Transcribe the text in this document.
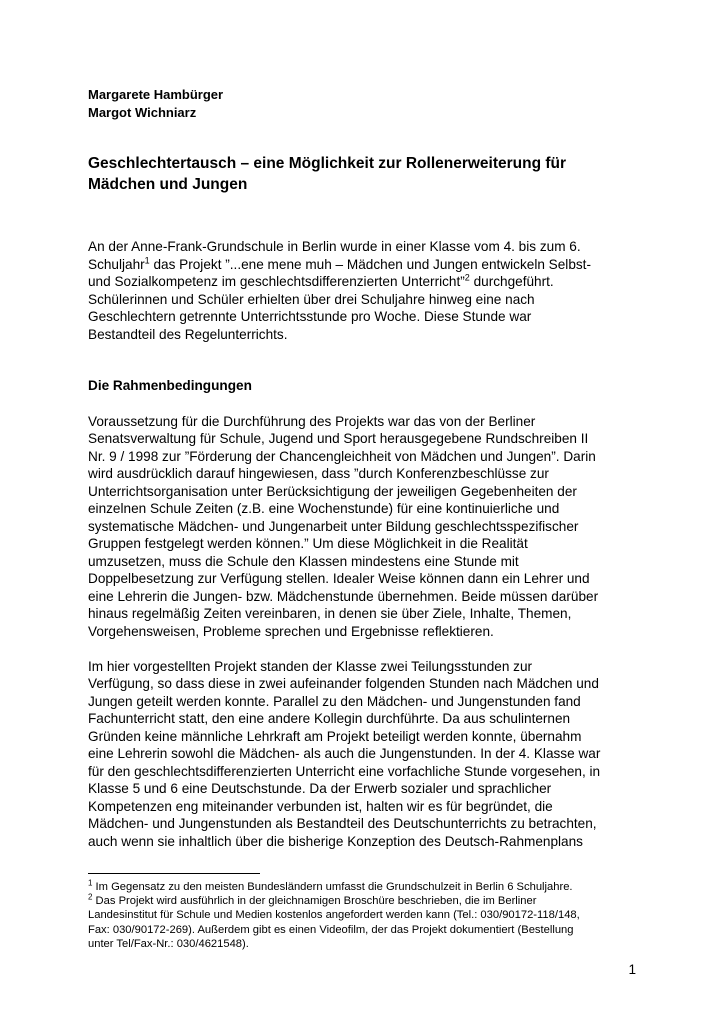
Margarete Hambürger
Margot Wichniarz
Geschlechtertausch – eine Möglichkeit zur Rollenerweiterung für
Mädchen und Jungen
An der Anne-Frank-Grundschule in Berlin wurde in einer Klasse vom 4. bis zum 6.
Schuljahr$^1$ das Projekt ”...ene mene muh – Mädchen und Jungen entwickeln Selbst-
und Sozialkompetenz im geschlechtsdifferenzierten Unterricht”$^2$ durchgeführt.
Schülerinnen und Schüler erhielten über drei Schuljahre hinweg eine nach
Geschlechtern getrennte Unterrichtsstunde pro Woche. Diese Stunde war
Bestandteil des Regelunterrichts.
Die Rahmenbedingungen
Voraussetzung für die Durchführung des Projekts war das von der Berliner
Senatsverwaltung für Schule, Jugend und Sport herausgegebene Rundschreiben II
Nr. 9 / 1998 zur ”Förderung der Chancengleichheit von Mädchen und Jungen”. Darin
wird ausdrücklich darauf hingewiesen, dass ”durch Konferenzbeschlüsse zur
Unterrichtsorganisation unter Berücksichtigung der jeweiligen Gegebenheiten der
einzelnen Schule Zeiten (z.B. eine Wochenstunde) für eine kontinuierliche und
systematische Mädchen- und Jungenarbeit unter Bildung geschlechtsspezifischer
Gruppen festgelegt werden können.” Um diese Möglichkeit in die Realität
umzusetzen, muss die Schule den Klassen mindestens eine Stunde mit
Doppelbesetzung zur Verfügung stellen. Idealer Weise können dann ein Lehrer und
eine Lehrerin die Jungen- bzw. Mädchenstunde übernehmen. Beide müssen darüber
hinaus regelmäßig Zeiten vereinbaren, in denen sie über Ziele, Inhalte, Themen,
Vorgehensweisen, Probleme sprechen und Ergebnisse reflektieren.
Im hier vorgestellten Projekt standen der Klasse zwei Teilungsstunden zur
Verfügung, so dass diese in zwei aufeinander folgenden Stunden nach Mädchen und
Jungen geteilt werden konnte. Parallel zu den Mädchen- und Jungenstunden fand
Fachunterricht statt, den eine andere Kollegin durchführte. Da aus schulinternen
Gründen keine männliche Lehrkraft am Projekt beteiligt werden konnte, übernahm
eine Lehrerin sowohl die Mädchen- als auch die Jungenstunden. In der 4. Klasse war
für den geschlechtsdifferenzierten Unterricht eine vorfachliche Stunde vorgesehen, in
Klasse 5 und 6 eine Deutschstunde. Da der Erwerb sozialer und sprachlicher
Kompetenzen eng miteinander verbunden ist, halten wir es für begründet, die
Mädchen- und Jungenstunden als Bestandteil des Deutschunterrichts zu betrachten,
auch wenn sie inhaltlich über die bisherige Konzeption des Deutsch-Rahmenplans
$^1$ Im Gegensatz zu den meisten Bundesländern umfasst die Grundschulzeit in Berlin 6 Schuljahre.
$^2$ Das Projekt wird ausführlich in der gleichnamigen Broschüre beschrieben, die im Berliner
Landesinstitut für Schule und Medien kostenlos angefordert werden kann (Tel.: 030/90172-118/148,
Fax: 030/90172-269). Außerdem gibt es einen Videofilm, der das Projekt dokumentiert (Bestellung
unter Tel/Fax-Nr.: 030/4621548).
1
